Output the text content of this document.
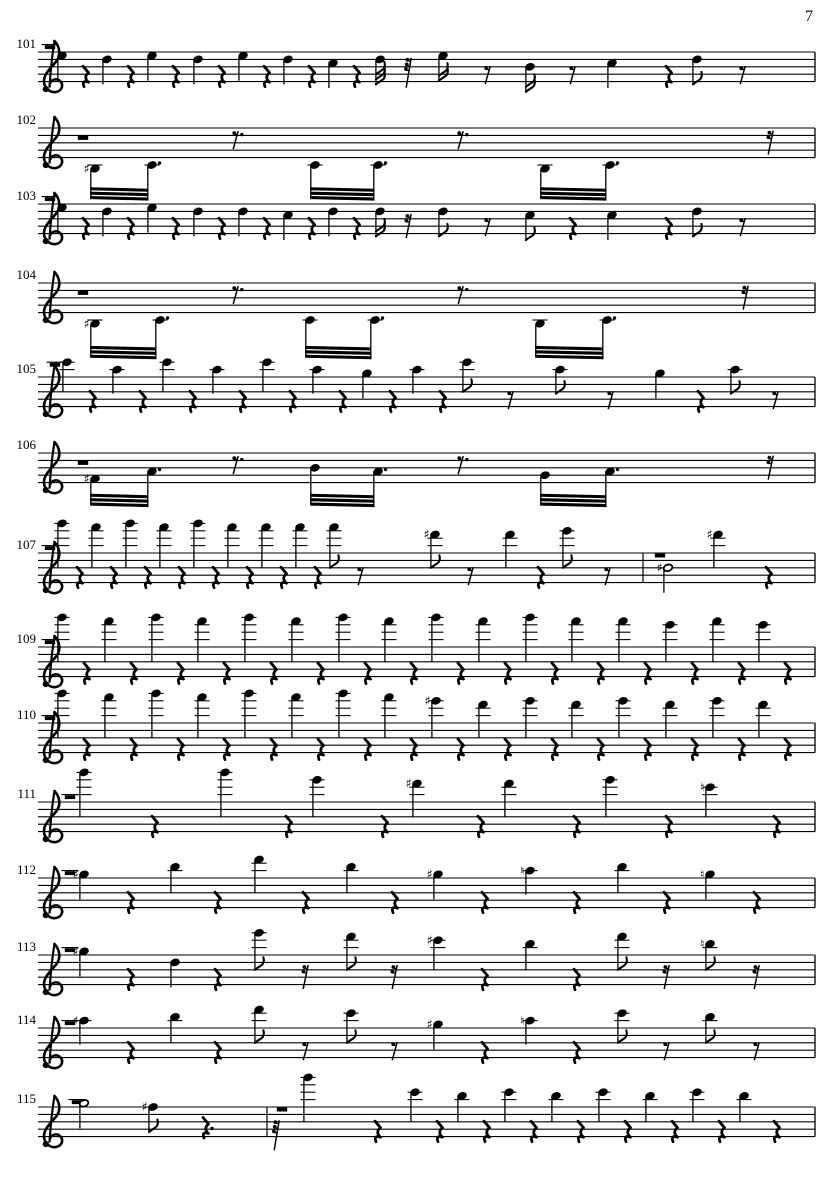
7
101
102
♯
103
104
♯
105
106
♯
107
♯
♯
♯
109
110
♯
111
♯	♮
112	♯	♯	♮	♮
113	♯
♯	♮
114	♯	♯	♮
115
♯
